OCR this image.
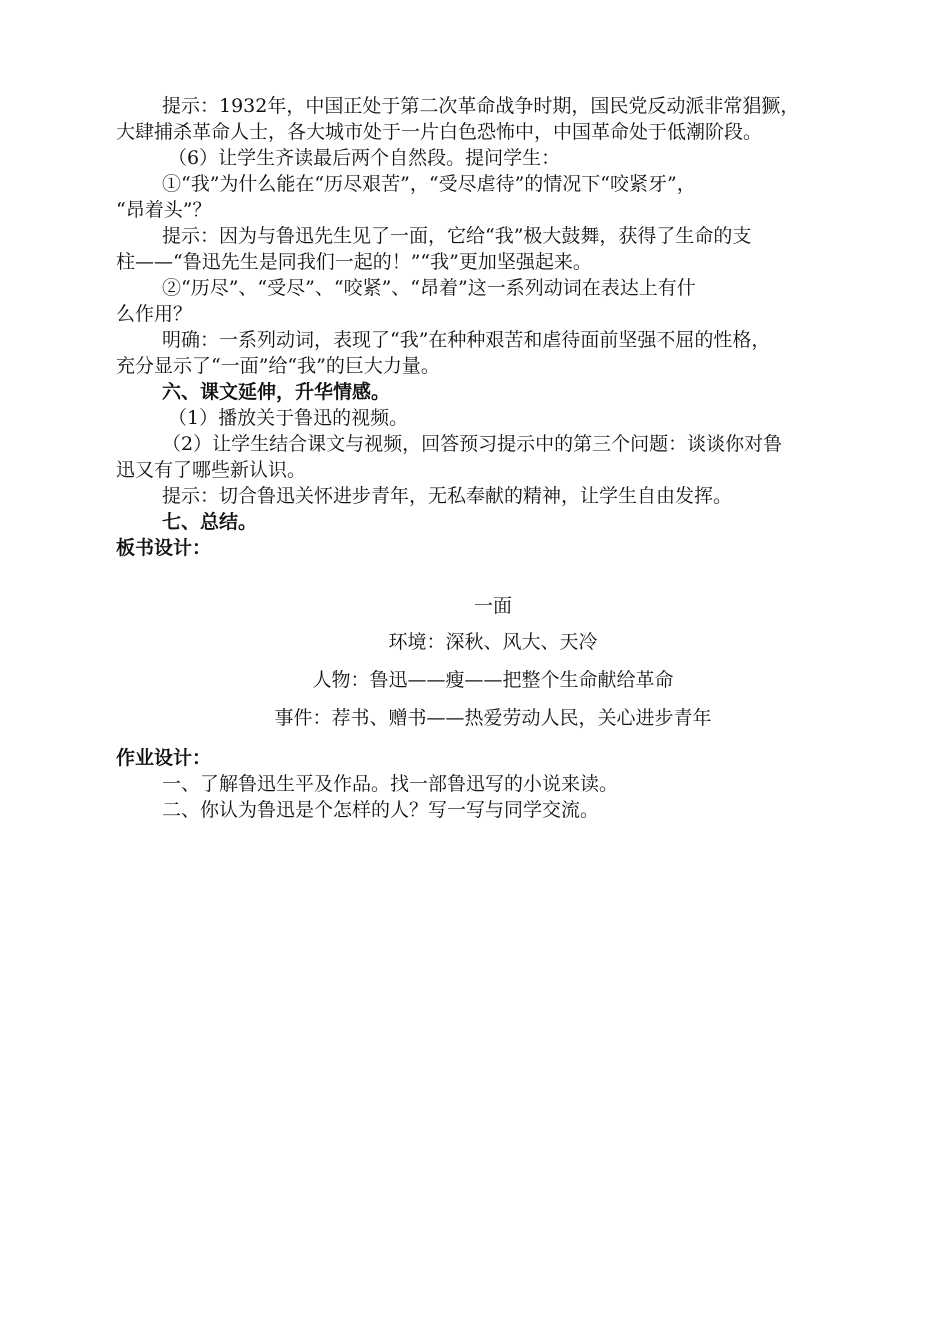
提示：1932年，中国正处于第二次革命战争时期，国民党反动派非常猖獗，

大肆捕杀革命人士，各大城市处于一片白色恐怖中，中国革命处于低潮阶段。

（6）让学生齐读最后两个自然段。提问学生：

①“我”为什么能在“历尽艰苦”，“受尽虐待”的情况下“咬紧牙”，

“昂着头”？

提示：因为与鲁迅先生见了一面，它给“我”极大鼓舞，获得了生命的支

柱——“鲁迅先生是同我们一起的！”“我”更加坚强起来。

②“历尽”、“受尽”、“咬紧”、“昂着”这一系列动词在表达上有什

么作用？

明确：一系列动词，表现了“我”在种种艰苦和虐待面前坚强不屈的性格，

充分显示了“一面”给“我”的巨大力量。

六、课文延伸，升华情感。

（1）播放关于鲁迅的视频。

（2）让学生结合课文与视频，回答预习提示中的第三个问题：谈谈你对鲁

迅又有了哪些新认识。

提示：切合鲁迅关怀进步青年，无私奉献的精神，让学生自由发挥。

七、总结。

板书设计：

一面

环境：深秋、风大、天冷

人物：鲁迅——瘦——把整个生命献给革命

事件：荐书、赠书——热爱劳动人民，关心进步青年

作业设计：

一、了解鲁迅生平及作品。找一部鲁迅写的小说来读。

二、你认为鲁迅是个怎样的人？写一写与同学交流。
